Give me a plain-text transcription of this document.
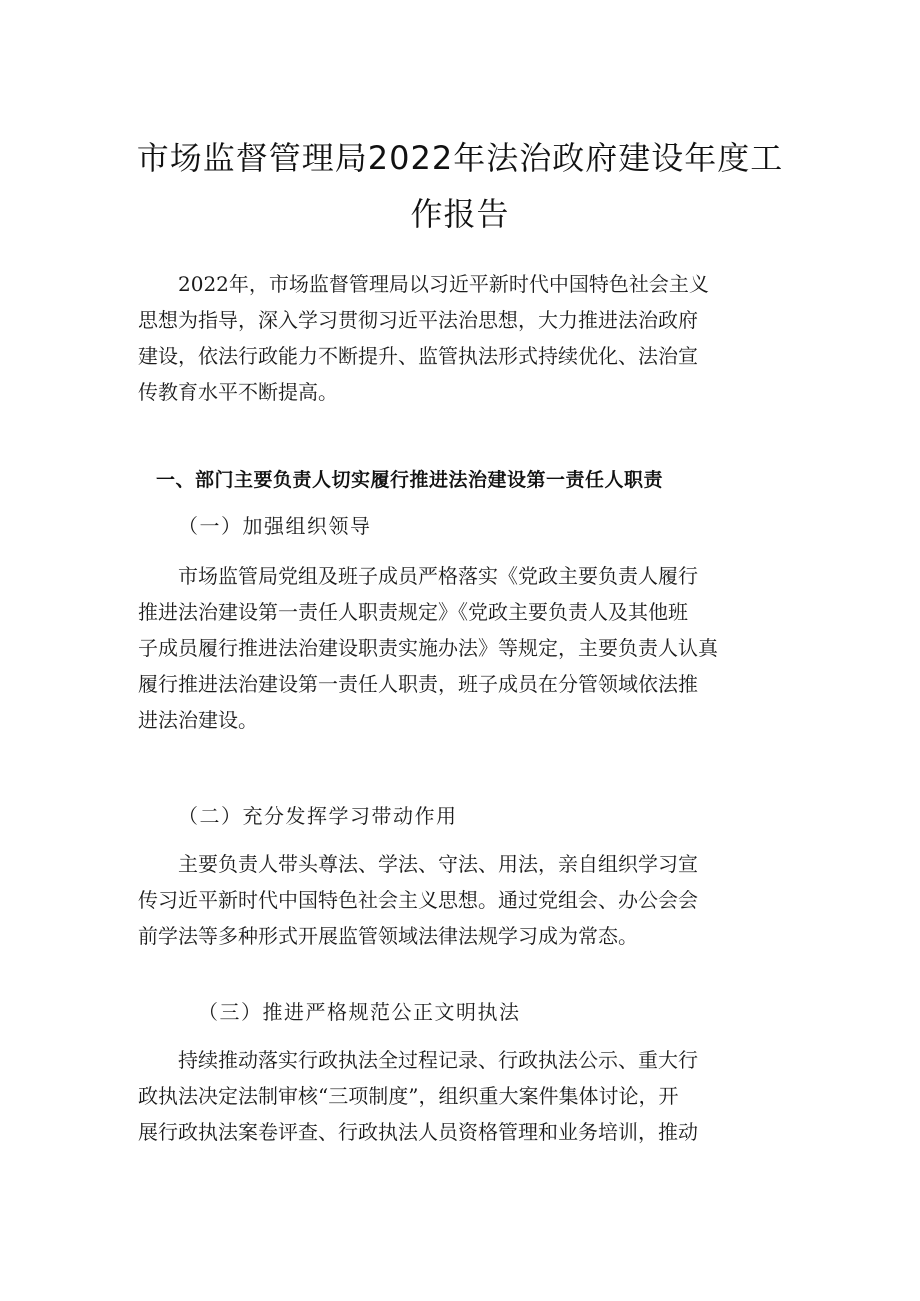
市场监督管理局2022年法治政府建设年度工
作报告
2022年，市场监督管理局以习近平新时代中国特色社会主义
思想为指导，深入学习贯彻习近平法治思想，大力推进法治政府
建设，依法行政能力不断提升、监管执法形式持续优化、法治宣
传教育水平不断提高。
一、部门主要负责人切实履行推进法治建设第一责任人职责
（一）加强组织领导
市场监管局党组及班子成员严格落实《党政主要负责人履行
推进法治建设第一责任人职责规定》《党政主要负责人及其他班
子成员履行推进法治建设职责实施办法》等规定，主要负责人认真
履行推进法治建设第一责任人职责，班子成员在分管领域依法推
进法治建设。
（二）充分发挥学习带动作用
主要负责人带头尊法、学法、守法、用法，亲自组织学习宣
传习近平新时代中国特色社会主义思想。通过党组会、办公会会
前学法等多种形式开展监管领域法律法规学习成为常态。
（三）推进严格规范公正文明执法
持续推动落实行政执法全过程记录、行政执法公示、重大行
政执法决定法制审核“三项制度”，组织重大案件集体讨论，开
展行政执法案卷评查、行政执法人员资格管理和业务培训，推动
